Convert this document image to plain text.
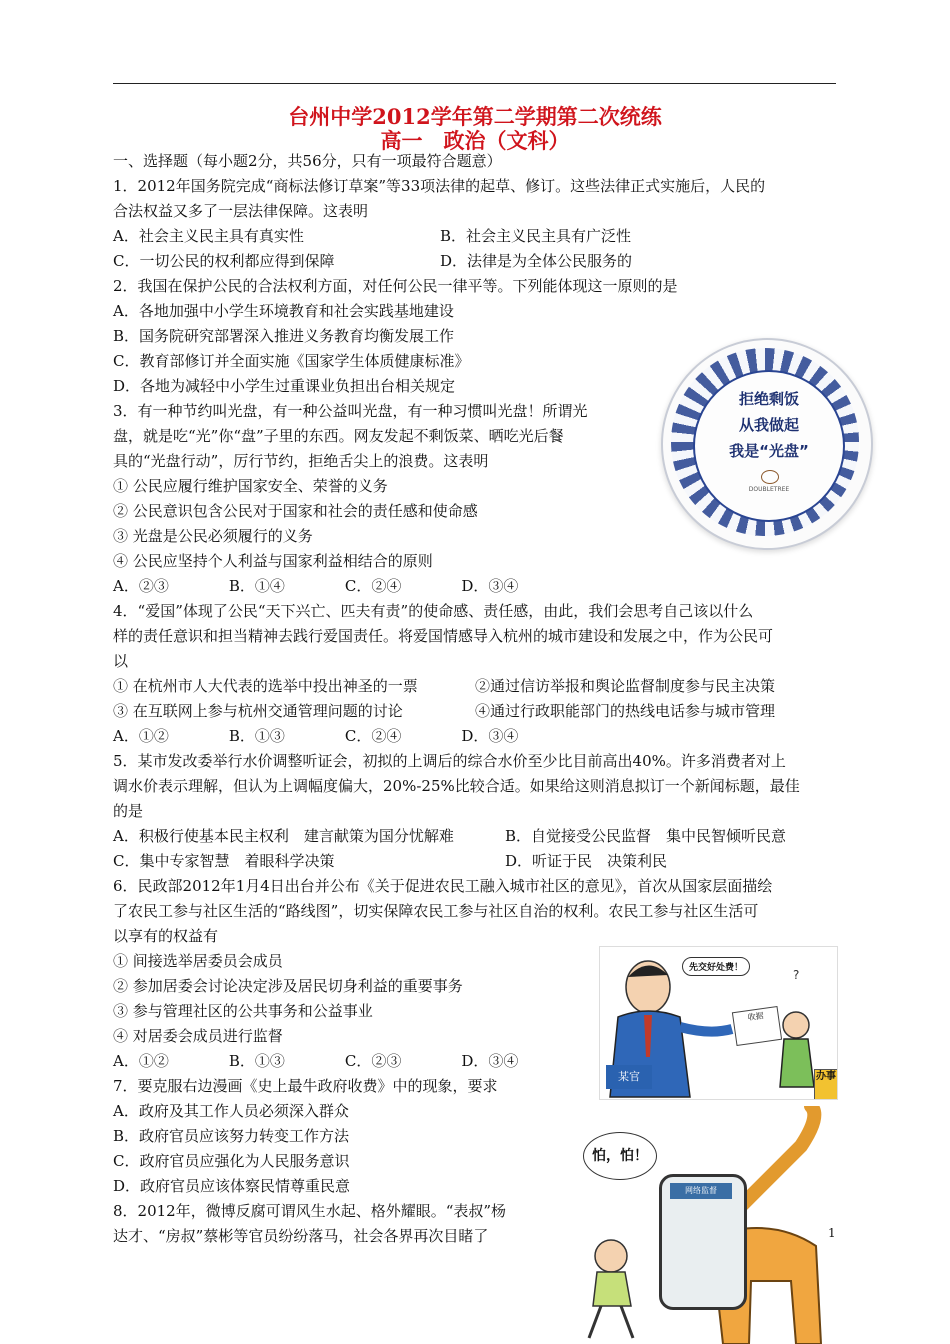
台州中学2012学年第二学期第二次统练
高一　政治（文科）
一、选择题（每小题2分，共56分，只有一项最符合题意）
1．2012年国务院完成“商标法修订草案”等33项法律的起草、修订。这些法律正式实施后，人民的
合法权益又多了一层法律保障。这表明
A．社会主义民主具有真实性	B．社会主义民主具有广泛性
C．一切公民的权利都应得到保障	D．法律是为全体公民服务的
2．我国在保护公民的合法权利方面，对任何公民一律平等。下列能体现这一原则的是
A．各地加强中小学生环境教育和社会实践基地建设
B．国务院研究部署深入推进义务教育均衡发展工作
C．教育部修订并全面实施《国家学生体质健康标准》
D．各地为减轻中小学生过重课业负担出台相关规定
3．有一种节约叫光盘，有一种公益叫光盘，有一种习惯叫光盘！所谓光
盘，就是吃“光”你“盘”子里的东西。网友发起不剩饭菜、晒吃光后餐
具的“光盘行动”，厉行节约，拒绝舌尖上的浪费。这表明
① 公民应履行维护国家安全、荣誉的义务
② 公民意识包含公民对于国家和社会的责任感和使命感
③ 光盘是公民必须履行的义务
④ 公民应坚持个人利益与国家利益相结合的原则
A．②③　　　　B．①④　　　　C．②④　　　　D．③④
4．“爱国”体现了公民“天下兴亡、匹夫有责”的使命感、责任感，由此，我们会思考自己该以什么
样的责任意识和担当精神去践行爱国责任。将爱国情感导入杭州的城市建设和发展之中，作为公民可
以
① 在杭州市人大代表的选举中投出神圣的一票	②通过信访举报和舆论监督制度参与民主决策
③ 在互联网上参与杭州交通管理问题的讨论	④通过行政职能部门的热线电话参与城市管理
A．①②　　　　B．①③　　　　C．②④　　　　D．③④
5．某市发改委举行水价调整听证会，初拟的上调后的综合水价至少比目前高出40%。许多消费者对上
调水价表示理解，但认为上调幅度偏大，20%-25%比较合适。如果给这则消息拟订一个新闻标题，最佳
的是
A．积极行使基本民主权利　建言献策为国分忧解难	B．自觉接受公民监督　集中民智倾听民意
C．集中专家智慧　着眼科学决策	D．听证于民　决策利民
6．民政部2012年1月4日出台并公布《关于促进农民工融入城市社区的意见》，首次从国家层面描绘
了农民工参与社区生活的“路线图”，切实保障农民工参与社区自治的权利。农民工参与社区生活可
以享有的权益有
① 间接选举居委员会成员
② 参加居委会讨论决定涉及居民切身利益的重要事务
③ 参与管理社区的公共事务和公益事业
④ 对居委会成员进行监督
A．①②　　　　B．①③　　　　C．②③　　　　D．③④
7．要克服右边漫画《史上最牛政府收费》中的现象，要求
A．政府及其工作人员必须深入群众
B．政府官员应该努力转变工作方法
C．政府官员应强化为人民服务意识
D．政府官员应该体察民情尊重民意
8．2012年，微博反腐可谓风生水起、格外耀眼。“表叔”杨
达才、“房叔”蔡彬等官员纷纷落马，社会各界再次目睹了
拒绝剩饭
从我做起
我是“光盘”
DOUBLETREE
?
先交好处费！
收据
某官	办事
怕，怕！
网络监督
1
